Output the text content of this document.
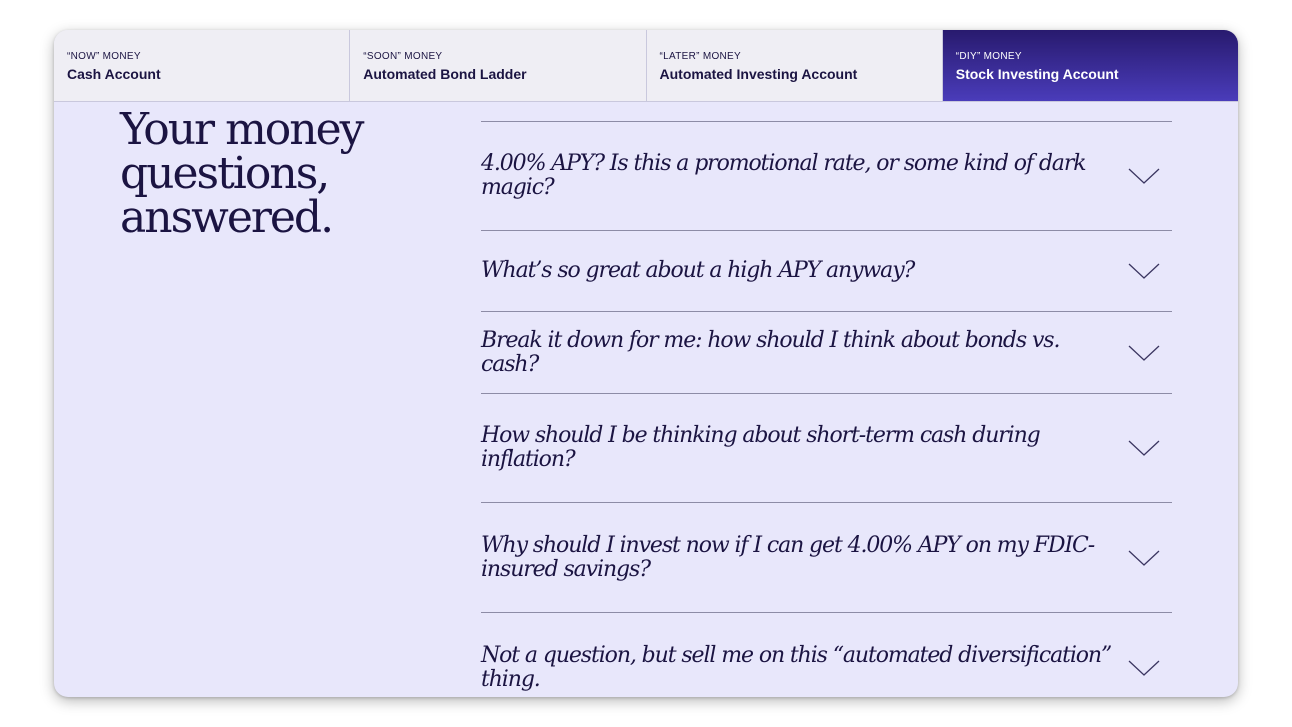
“NOW” MONEY
Cash Account
“SOON” MONEY
Automated Bond Ladder
“LATER” MONEY
Automated Investing Account
“DIY” MONEY
Stock Investing Account
Your money
questions,
answered.
4.00% APY? Is this a promotional rate, or some kind of dark magic?
What’s so great about a high APY anyway?
Break it down for me: how should I think about bonds vs. cash?
How should I be thinking about short-term cash during inflation?
Why should I invest now if I can get 4.00% APY on my FDIC-insured savings?
Not a question, but sell me on this “automated diversification” thing.
